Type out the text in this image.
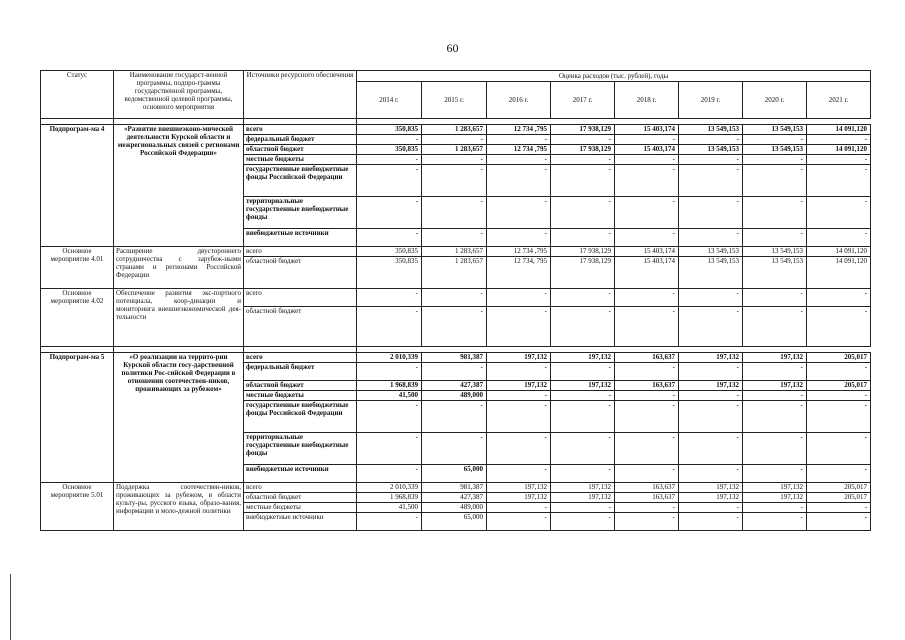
60
Статус	Наименование государст-венной программы, подпро-граммы государственной программы, ведомственной целевой программы, основного мероприятия	Источники ресурсного обеспечения	Оценка расходов (тыс. рублей), годы							
			2014 г.	2015 г.	2016 г.	2017 г.	2018 г.	2019 г.	2020 г.	2021 г.

Подпрограм-ма 4	«Развитие внешнеэконо-мической деятельности Курской области и межрегиональных связей с регионами Российской Федерации»	всего	350,835	1 283,657	12 734 ,795	17 938,129	15 403,174	13 549,153	13 549,153	14 091,120
		федеральный бюджет	-	-	-	-	-	-	-	-
		областной бюджет	350,835	1 283,657	12 734 ,795	17 938,129	15 403,174	13 549,153	13 549,153	14 091,120
		местные бюджеты	-	-	-	-	-	-	-	-
		государственные внебюджетные фонды Российской Федерации	-	-	-	-	-	-	-	-
		территориальные государственные внебюджетные фонды	-	-	-	-	-	-	-	-
		внебюджетные источники	-	-	-	-	-	-	-	-
Основное мероприятие 4.01	Расширение двустороннего сотрудничества с зарубеж-ными странами и регионами Российской Федерации	всего	350,835	1 283,657	12 734 ,795	17 938,129	15 403,174	13 549,153	13 549,153	14 091,120
		областной бюджет	350,835	1 283,657	12 734, 795	17 938,129	15 403,174	13 549,153	13 549,153	14 091,120
Основное мероприятие 4.02	Обеспечение развития экс-портного потенциала, коор-динации и мониторинга внешнеэкономической дея-тельности	всего	-	-	-	-	-	-	-	-
		областной бюджет	-	-	-	-	-	-	-	-

Подпрограм-ма 5	«О реализации на террито-рии Курской области госу-дарственной политики Рос-сийской Федерации в отношении соотечествен-ников, проживающих за рубежом»	всего	2 010,339	981,387	197,132	197,132	163,637	197,132	197,132	205,017
		федеральный бюджет	-	-	-	-	-	-	-	-
		областной бюджет	1 968,839	427,387	197,132	197,132	163,637	197,132	197,132	205,017
		местные бюджеты	41,500	489,000	-	-	-	-	-	-
		государственные внебюджетные фонды Российской Федерации	-	-	-	-	-	-	-	-
		территориальные государственные внебюджетные фонды	-	-	-	-	-	-	-	-
		внебюджетные источники	-	65,000	-	-	-	-	-	-
Основное мероприятие 5.01	Поддержка соотечествен-ников, проживающих за рубежом, в области культу-ры, русского языка, образо-вания, информации и моло-дежной политики	всего	2 010,339	981,387	197,132	197,132	163,637	197,132	197,132	205,017
		областной бюджет	1 968,839	427,387	197,132	197,132	163,637	197,132	197,132	205,017
		местные бюджеты	41,500	489,000	-	-	-	-	-	-
		внебюджетные источники	-	65,000	-	-	-	-	-	-
